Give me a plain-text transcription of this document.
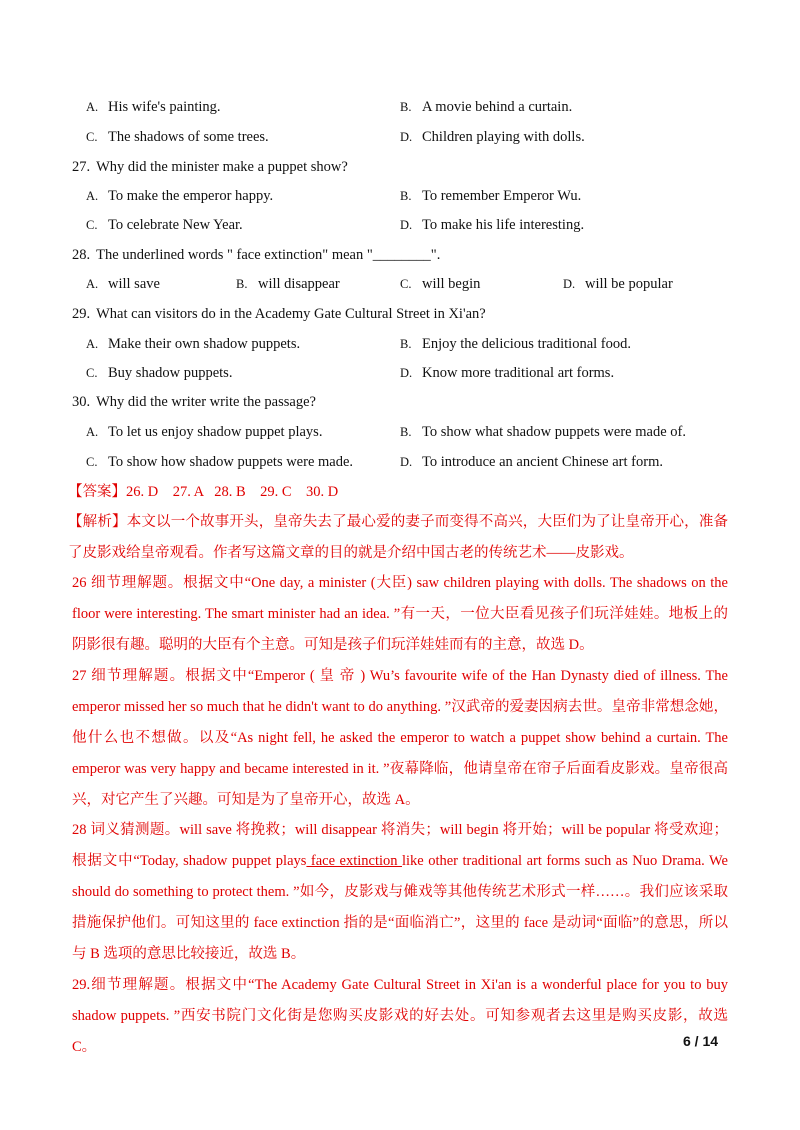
A. His wife's painting.	B. A movie behind a curtain.
C. The shadows of some trees.	D. Children playing with dolls.
27. Why did the minister make a puppet show?
A. To make the emperor happy.	B. To remember Emperor Wu.
C. To celebrate New Year.	D. To make his life interesting.
28. The underlined words " face extinction" mean "________".
A. will save	B. will disappear	C. will begin	D. will be popular
29. What can visitors do in the Academy Gate Cultural Street in Xi'an?
A. Make their own shadow puppets.	B. Enjoy the delicious traditional food.
C. Buy shadow puppets.	D. Know more traditional art forms.
30. Why did the writer write the passage?
A. To let us enjoy shadow puppet plays.	B. To show what shadow puppets were made of.
C. To show how shadow puppets were made.	D. To introduce an ancient Chinese art form.
【答案】26. D    27. A   28. B    29. C    30. D
【解析】本文以一个故事开头，皇帝失去了最心爱的妻子而变得不高兴，大臣们为了让皇帝开心，准备了皮影戏给皇帝观看。作者写这篇文章的目的就是介绍中国古老的传统艺术——皮影戏。
26 细节理解题。根据文中“One day, a minister (大臣) saw children playing with dolls. The shadows on the floor were interesting. The smart minister had an idea. ”有一天，一位大臣看见孩子们玩洋娃娃。地板上的阴影很有趣。聪明的大臣有个主意。可知是孩子们玩洋娃娃而有的主意，故选 D。
27 细节理解题。根据文中“Emperor ( 皇 帝 ) Wu’s favourite wife of the Han Dynasty died of illness. The emperor missed her so much that he didn't want to do anything. ”汉武帝的爱妻因病去世。皇帝非常想念她，他什么也不想做。以及“As night fell, he asked the emperor to watch a puppet show behind a curtain. The emperor was very happy and became interested in it. ”夜幕降临，他请皇帝在帘子后面看皮影戏。皇帝很高兴，对它产生了兴趣。可知是为了皇帝开心，故选 A。
28 词义猜测题。will save 将挽救；will disappear 将消失；will begin 将开始；will be popular 将受欢迎；根据文中“Today, shadow puppet plays face extinction like other traditional art forms such as Nuo Drama. We should do something to protect them. ”如今，皮影戏与傩戏等其他传统艺术形式一样……。我们应该采取措施保护他们。可知这里的 face extinction 指的是“面临消亡”，这里的 face 是动词“面临”的意思，所以与 B 选项的意思比较接近，故选 B。
29.细节理解题。根据文中“The Academy Gate Cultural Street in Xi'an is a wonderful place for you to buy shadow puppets. ”西安书院门文化街是您购买皮影戏的好去处。可知参观者去这里是购买皮影，故选 C。	6 / 14
